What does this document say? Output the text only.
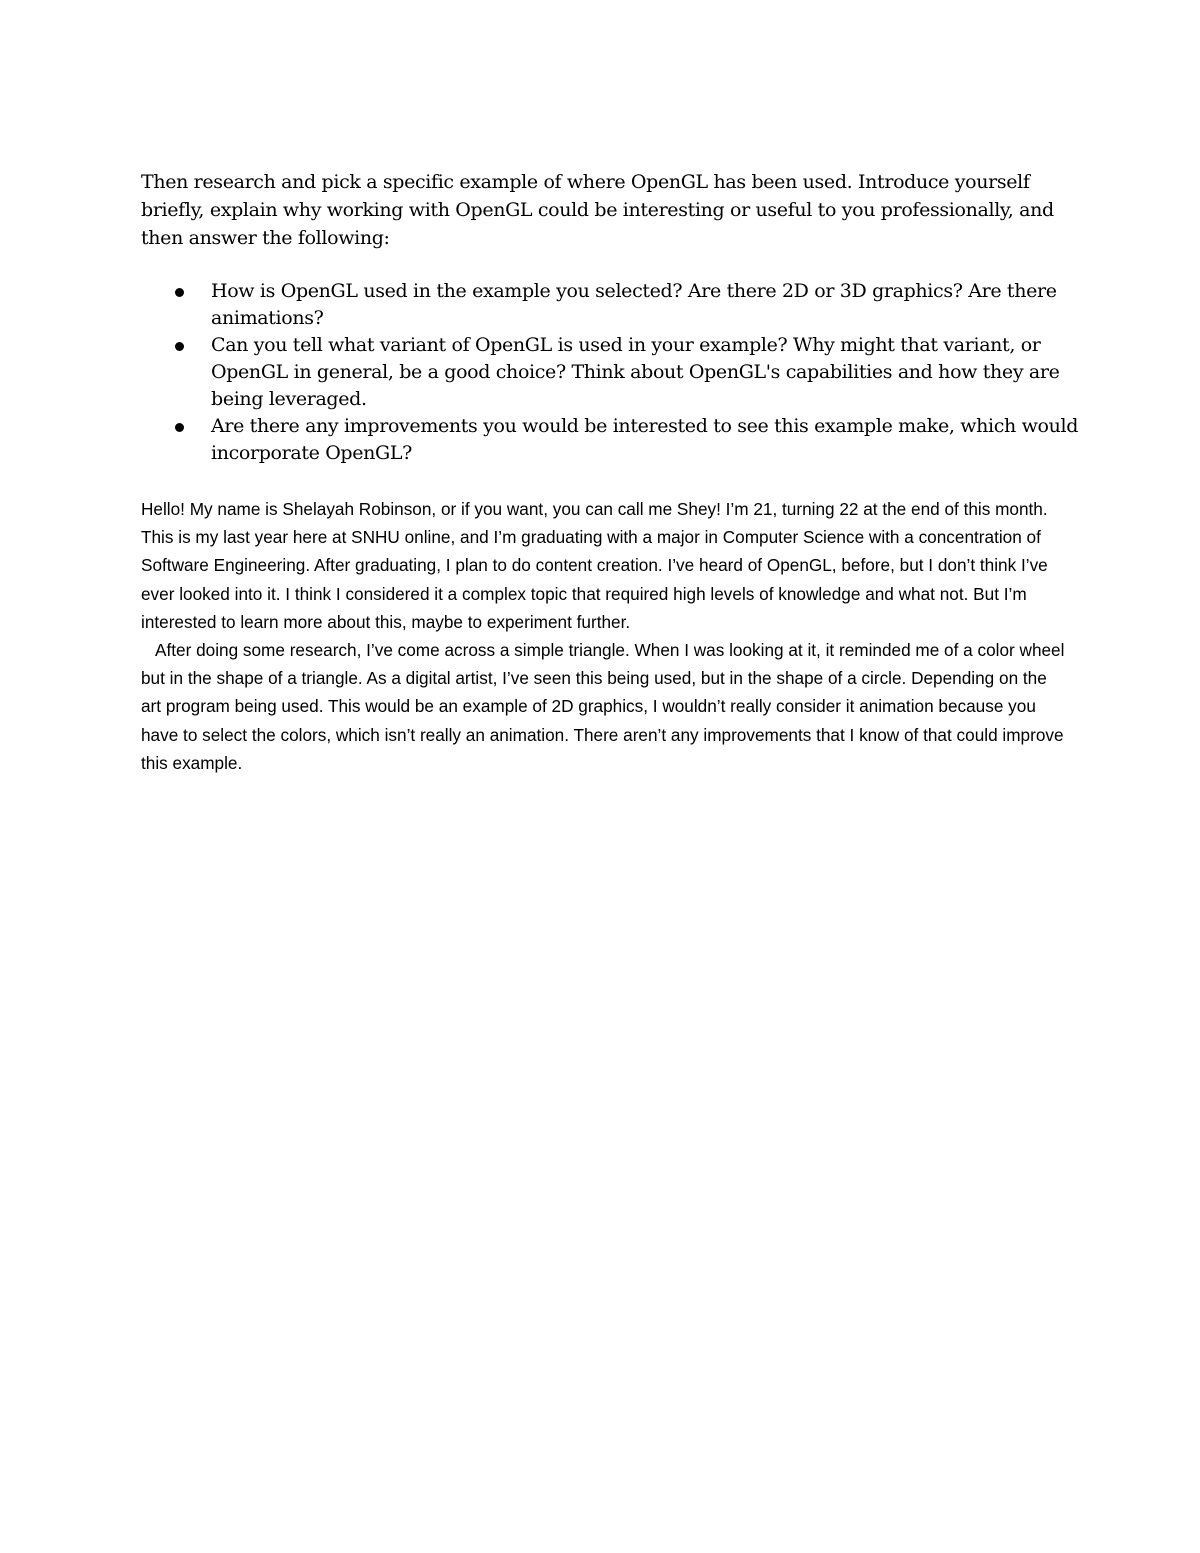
Then research and pick a specific example of where OpenGL has been used. Introduce yourself briefly, explain why working with OpenGL could be interesting or useful to you professionally, and then answer the following:

How is OpenGL used in the example you selected? Are there 2D or 3D graphics? Are there animations?
Can you tell what variant of OpenGL is used in your example? Why might that variant, or OpenGL in general, be a good choice? Think about OpenGL's capabilities and how they are being leveraged.
Are there any improvements you would be interested to see this example make, which would incorporate OpenGL?

Hello! My name is Shelayah Robinson, or if you want, you can call me Shey! I’m 21, turning 22 at the end of this month. This is my last year here at SNHU online, and I’m graduating with a major in Computer Science with a concentration of Software Engineering. After graduating, I plan to do content creation. I’ve heard of OpenGL, before, but I don’t think I’ve ever looked into it. I think I considered it a complex topic that required high levels of knowledge and what not. But I’m interested to learn more about this, maybe to experiment further.

After doing some research, I’ve come across a simple triangle. When I was looking at it, it reminded me of a color wheel but in the shape of a triangle. As a digital artist, I’ve seen this being used, but in the shape of a circle. Depending on the art program being used. This would be an example of 2D graphics, I wouldn’t really consider it animation because you have to select the colors, which isn’t really an animation. There aren’t any improvements that I know of that could improve this example.
